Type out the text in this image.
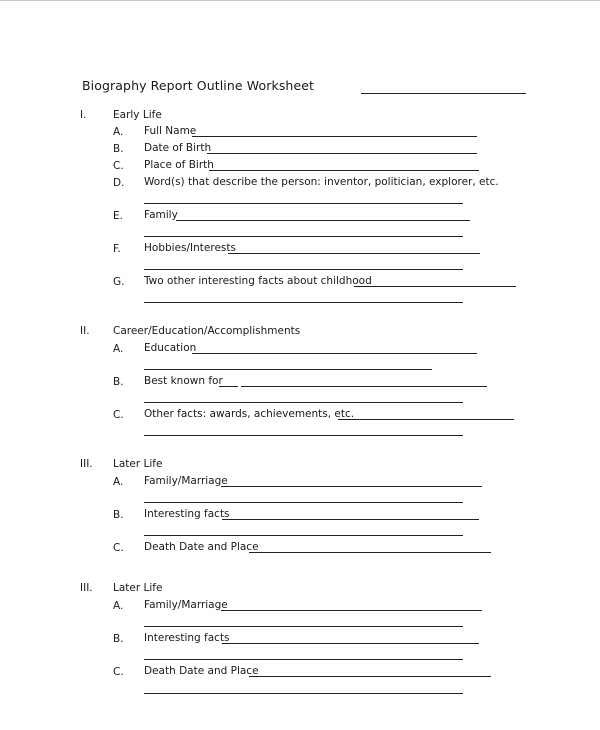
Biography Report Outline Worksheet
I.	Early Life
A. Full Name
B. Date of Birth
C. Place of Birth
D. Word(s) that describe the person: inventor, politician, explorer, etc.
E. Family
F. Hobbies/Interests
G. Two other interesting facts about childhood
II. Career/Education/Accomplishments
A. Education
B. Best known for
C. Other facts: awards, achievements, etc.
III. Later Life
A. Family/Marriage
B. Interesting facts
C. Death Date and Place
III. Later Life
A. Family/Marriage
B. Interesting facts
C. Death Date and Place
